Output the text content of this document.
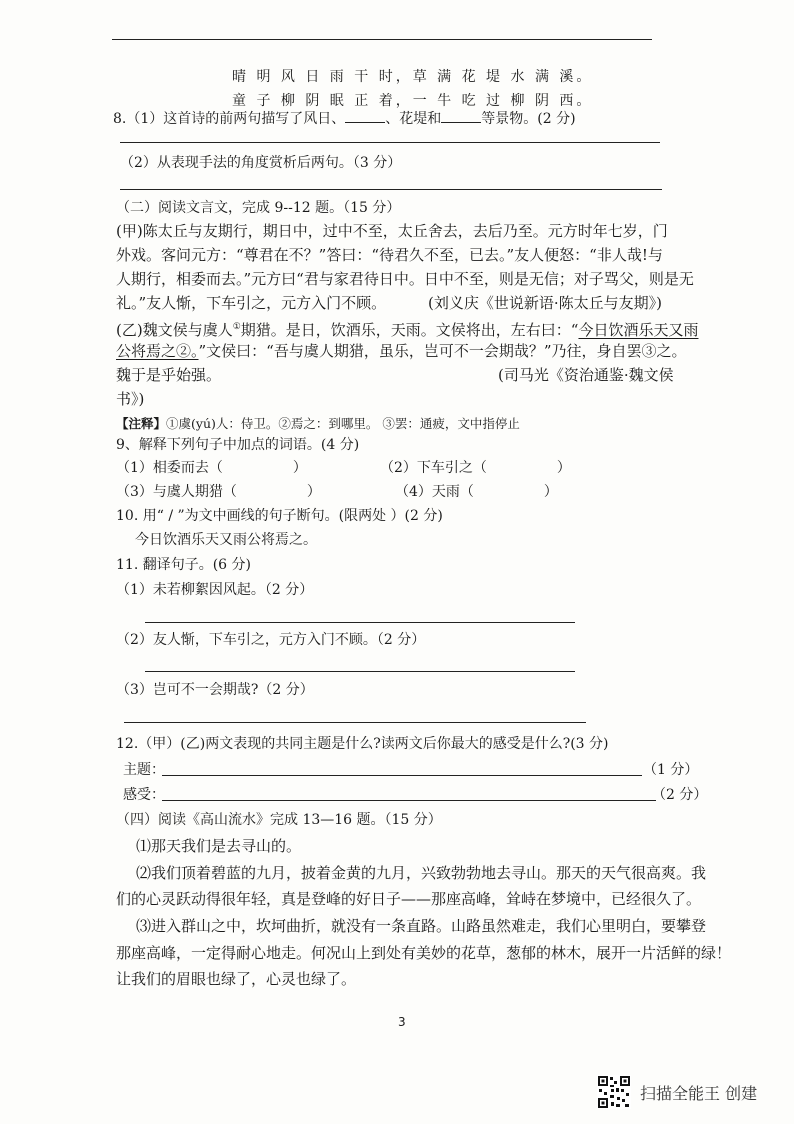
晴 明 风 日 雨 干 时，草 满 花 堤 水 满 溪。
童 子 柳 阴 眠 正 着，一 牛 吃 过 柳 阴 西。
8.（1）这首诗的前两句描写了风日、	、花堤和	等景物。(2 分)
（2）从表现手法的角度赏析后两句。（3 分）
（二）阅读文言文，完成 9--12 题。（15 分）
(甲)陈太丘与友期行，期日中，过中不至，太丘舍去，去后乃至。元方时年七岁，门
外戏。客问元方：“尊君在不？”答曰：“待君久不至，已去。”友人便怒：“非人哉!与
人期行，相委而去。”元方曰“君与家君待日中。日中不至，则是无信；对子骂父，则是无
礼。”友人惭，下车引之，元方入门不顾。	(刘义庆《世说新语·陈太丘与友期》)
(乙)魏文侯与虞人①期猎。是日，饮酒乐，天雨。文侯将出，左右曰：“今日饮酒乐天又雨
公将焉之②。”文侯曰：“吾与虞人期猎，虽乐，岂可不一会期哉？”乃往，身自罢③之。
魏于是乎始强。	(司马光《资治通鉴·魏文侯
书》)
【注释】①虞(yú)人：侍卫。②焉之：到哪里。 ③罢：通疲，文中指停止
9、解释下列句子中加点的词语。(4 分)
（1）相委而去（	）	（2）下车引之（	）
（3）与虞人期猎（	）	（4）天雨（	）
10. 用“ / ”为文中画线的句子断句。(限两处 ）(2 分)
今日饮酒乐天又雨公将焉之。
11. 翻译句子。(6 分)
（1）未若柳絮因风起。（2 分）
（2）友人惭，下车引之，元方入门不顾。（2 分）
（3）岂可不一会期哉?（2 分）
12.（甲）(乙)两文表现的共同主题是什么?读两文后你最大的感受是什么?(3 分)
主题：	（1 分）
感受：	（2 分）
（四）阅读《高山流水》完成 13—16 题。（15 分）
⑴那天我们是去寻山的。
⑵我们顶着碧蓝的九月，披着金黄的九月，兴致勃勃地去寻山。那天的天气很高爽。我
们的心灵跃动得很年轻，真是登峰的好日子——那座高峰，耸峙在梦境中，已经很久了。
⑶进入群山之中，坎坷曲折，就没有一条直路。山路虽然难走，我们心里明白，要攀登
那座高峰，一定得耐心地走。何况山上到处有美妙的花草，葱郁的林木，展开一片活鲜的绿！
让我们的眉眼也绿了，心灵也绿了。
3
扫描全能王 创建
